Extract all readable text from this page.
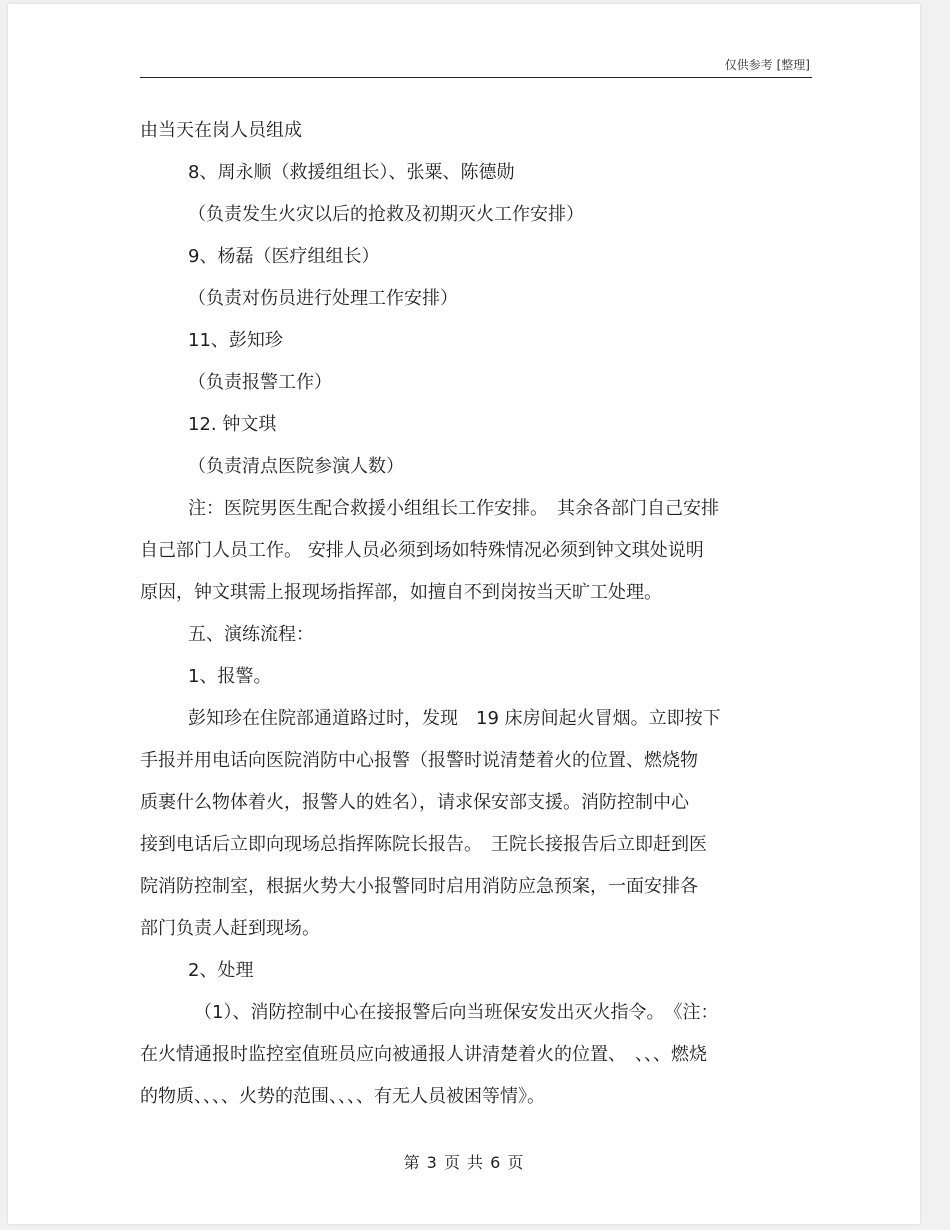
仅供参考 [整理]

由当天在岗人员组成

8、周永顺（救援组组长）、张粟、陈德勋

（负责发生火灾以后的抢救及初期灭火工作安排）

9、杨磊（医疗组组长）

（负责对伤员进行处理工作安排）

11、彭知珍

（负责报警工作）

12. 钟文琪

（负责清点医院参演人数）

注：医院男医生配合救援小组组长工作安排。　其余各部门自己安排

自己部门人员工作。 安排人员必须到场如特殊情况必须到钟文琪处说明

原因，钟文琪需上报现场指挥部，如擅自不到岗按当天旷工处理。

五、演练流程：

1、报警。

彭知珍在住院部通道路过时，发现　19 床房间起火冒烟。立即按下

手报并用电话向医院消防中心报警（报警时说清楚着火的位置、燃烧物

质裹什么物体着火，报警人的姓名），请求保安部支援。消防控制中心

接到电话后立即向现场总指挥陈院长报告。　王院长接报告后立即赶到医

院消防控制室，根据火势大小报警同时启用消防应急预案，一面安排各

部门负责人赶到现场。

2、处理

（1）、消防控制中心在接报警后向当班保安发出灭火指令。　《注：

在火情通报时监控室值班员应向被通报人讲清楚着火的位置、　、、、燃烧

的物质、、、、火势的范围、、、、有无人员被困等情》。

第 3 页 共 6 页
